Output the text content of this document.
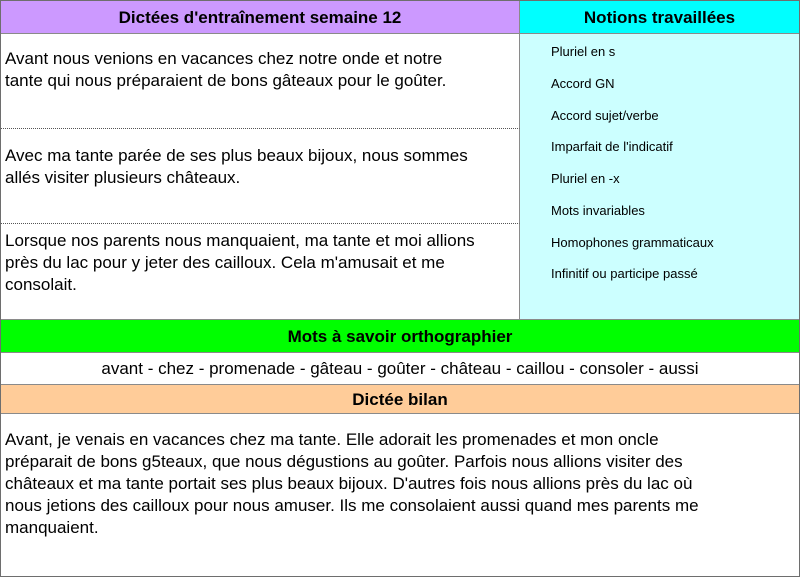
Dictées d'entraînement semaine 12	Notions travaillées
Avant nous venions en vacances chez notre onde et notre
tante qui nous préparaient de bons gâteaux pour le goûter.
Avec ma tante parée de ses plus beaux bijoux, nous sommes
allés visiter plusieurs châteaux.
Lorsque nos parents nous manquaient, ma tante et moi allions
près du lac pour y jeter des cailloux. Cela m'amusait et me
consolait.
Pluriel en s
Accord GN
Accord sujet/verbe
Imparfait de l'indicatif
Pluriel en -x
Mots invariables
Homophones grammaticaux
Infinitif ou participe passé
Mots à savoir orthographier
avant - chez - promenade - gâteau - goûter - château - caillou - consoler - aussi
Dictée bilan

Avant, je venais en vacances chez ma tante. Elle adorait les promenades et mon oncle

préparait de bons g5teaux, que nous dégustions au goûter. Parfois nous allions visiter des

châteaux et ma tante portait ses plus beaux bijoux. D'autres fois nous allions près du lac où

nous jetions des cailloux pour nous amuser. Ils me consolaient aussi quand mes parents me

manquaient.
